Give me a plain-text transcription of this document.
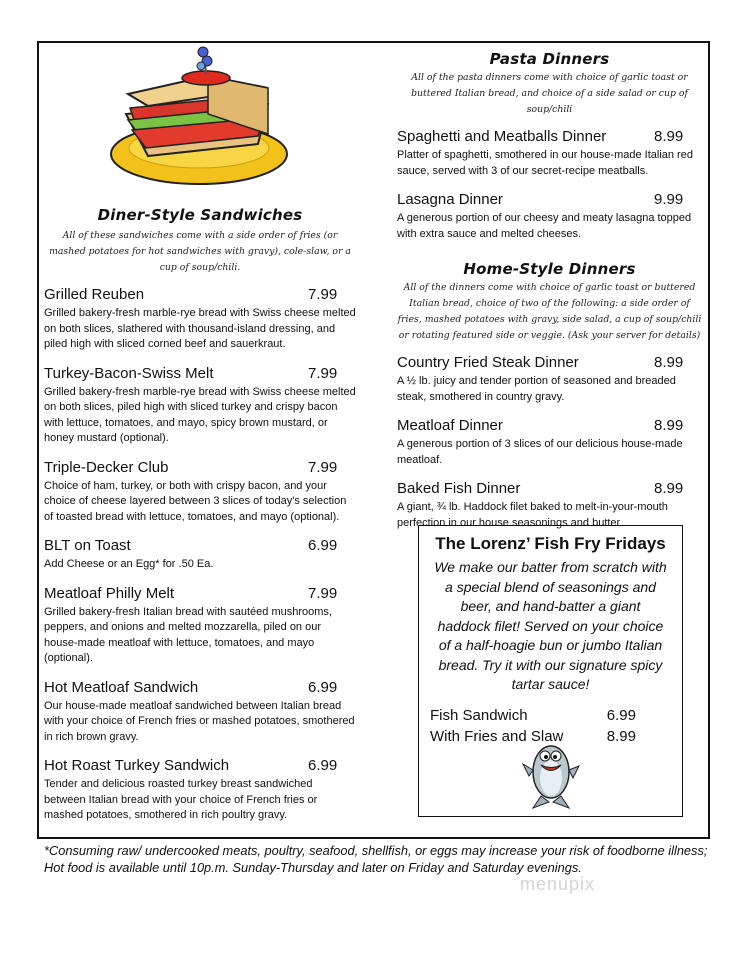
Diner-Style Sandwiches

All of these sandwiches come with a side order of fries (or mashed potatoes for hot sandwiches with gravy), cole-slaw, or a cup of soup/chili.

Grilled Reuben	7.99
Grilled bakery-fresh marble-rye bread with Swiss cheese melted on both slices, slathered with thousand-island dressing, and piled high with sliced corned beef and sauerkraut.
Turkey-Bacon-Swiss Melt	7.99
Grilled bakery-fresh marble-rye bread with Swiss cheese melted on both slices, piled high with sliced turkey and crispy bacon with lettuce, tomatoes, and mayo, spicy brown mustard, or honey mustard (optional).
Triple-Decker Club	7.99
Choice of ham, turkey, or both with crispy bacon, and your choice of cheese layered between 3 slices of today's selection of toasted bread with lettuce, tomatoes, and mayo (optional).
BLT on Toast	6.99
Add Cheese or an Egg* for .50 Ea.
Meatloaf Philly Melt	7.99
Grilled bakery-fresh Italian bread with sautéed mushrooms, peppers, and onions and melted mozzarella, piled on our house-made meatloaf with lettuce, tomatoes, and mayo (optional).
Hot Meatloaf Sandwich	6.99
Our house-made meatloaf sandwiched between Italian bread with your choice of French fries or mashed potatoes, smothered in rich brown gravy.
Hot Roast Turkey Sandwich	6.99
Tender and delicious roasted turkey breast sandwiched between Italian bread with your choice of French fries or mashed potatoes, smothered in rich poultry gravy.
Pasta Dinners

All of the pasta dinners come with choice of garlic toast or buttered Italian bread, and choice of a side salad or cup of soup/chili

Spaghetti and Meatballs Dinner	8.99
Platter of spaghetti, smothered in our house-made Italian red sauce, served with 3 of our secret-recipe meatballs.
Lasagna Dinner	9.99
A generous portion of our cheesy and meaty lasagna topped with extra sauce and melted cheeses.
Home-Style Dinners

All of the dinners come with choice of garlic toast or buttered Italian bread, choice of two of the following: a side order of fries, mashed potatoes with gravy, side salad, a cup of soup/chili or rotating featured side or veggie. (Ask your server for details)

Country Fried Steak Dinner	8.99
A ½ lb. juicy and tender portion of seasoned and breaded steak, smothered in country gravy.
Meatloaf Dinner	8.99
A generous portion of 3 slices of our delicious house-made meatloaf.
Baked Fish Dinner	8.99
A giant, ¾ lb. Haddock filet baked to melt-in-your-mouth perfection in our house seasonings and butter.
The Lorenz’ Fish Fry Fridays
We make our batter from scratch with a special blend of seasonings and beer, and hand-batter a giant haddock filet! Served on your choice of a half-hoagie bun or jumbo Italian bread. Try it with our signature spicy tartar sauce!
Fish Sandwich	6.99
With Fries and Slaw	8.99
*Consuming raw/ undercooked meats, poultry, seafood, shellfish, or eggs may increase your risk of foodborne illness;
Hot food is available until 10p.m. Sunday-Thursday and later on Friday and Saturday evenings.
menupix
